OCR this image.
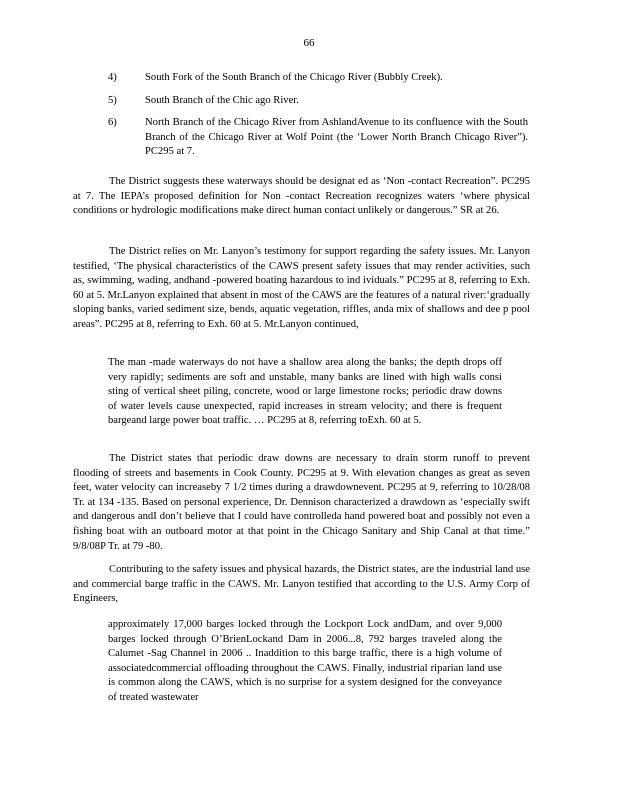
66
4)	South Fork of the South Branch of the Chicago River (Bubbly Creek).
5)	South Branch of the Chic ago River.
6)	North Branch of the Chicago River from AshlandAvenue to its confluence with the South Branch of the Chicago River at Wolf Point (the ‘Lower North Branch Chicago River”). PC295 at 7.

The District suggests these waterways should be designat ed as ‘Non -contact Recreation”. PC295 at 7. The IEPA’s proposed definition for Non -contact Recreation recognizes waters ‘where physical conditions or hydrologic modifications make direct human contact unlikely or dangerous.” SR at 26.

The District relies on Mr. Lanyon’s testimony for support regarding the safety issues. Mr. Lanyon testified, ‘The physical characteristics of the CAWS present safety issues that may render activities, such as, swimming, wading, andhand -powered boating hazardous to ind ividuals.” PC295 at 8, referring to Exh. 60 at 5. Mr.Lanyon explained that absent in most of the CAWS are the features of a natural river:‘gradually sloping banks, varied sediment size, bends, aquatic vegetation, riffles, anda mix of shallows and dee p pool areas”. PC295 at 8, referring to Exh. 60 at 5. Mr.Lanyon continued,

The man -made waterways do not have a shallow area along the banks; the depth drops off very rapidly; sediments are soft and unstable, many banks are lined with high walls consi sting of vertical sheet piling, concrete, wood or large limestone rocks; periodic draw downs of water levels cause unexpected, rapid increases in stream velocity; and there is frequent bargeand large power boat traffic. … PC295 at 8, referring toExh. 60 at 5.

The District states that periodic draw downs are necessary to drain storm runoff to prevent flooding of streets and basements in Cook County. PC295 at 9. With elevation changes as great as seven feet, water velocity can increaseby 7 1/2 times during a drawdownevent. PC295 at 9, referring to 10/28/08 Tr. at 134 -135. Based on personal experience, Dr. Dennison characterized a drawdown as ‘especially swift and dangerous andI don’t believe that I could have controlleda hand powered boat and possibly not even a fishing boat with an outboard motor at that point in the Chicago Sanitary and Ship Canal at that time.” 9/8/08P Tr. at 79 -80.

Contributing to the safety issues and physical hazards, the District states, are the industrial land use and commercial barge traffic in the CAWS. Mr. Lanyon testified that according to the U.S. Army Corp of Engineers,

approximately 17,000 barges locked through the Lockport Lock andDam, and over 9,000 barges locked through O’BrienLockand Dam in 2006...8, 792 barges traveled along the Calumet -Sag Channel in 2006 .. Inaddition to this barge traffic, there is a high volume of associatedcommercial offloading throughout the CAWS. Finally, industrial riparian land use is common along the CAWS, which is no surprise for a system designed for the conveyance of treated wastewater
